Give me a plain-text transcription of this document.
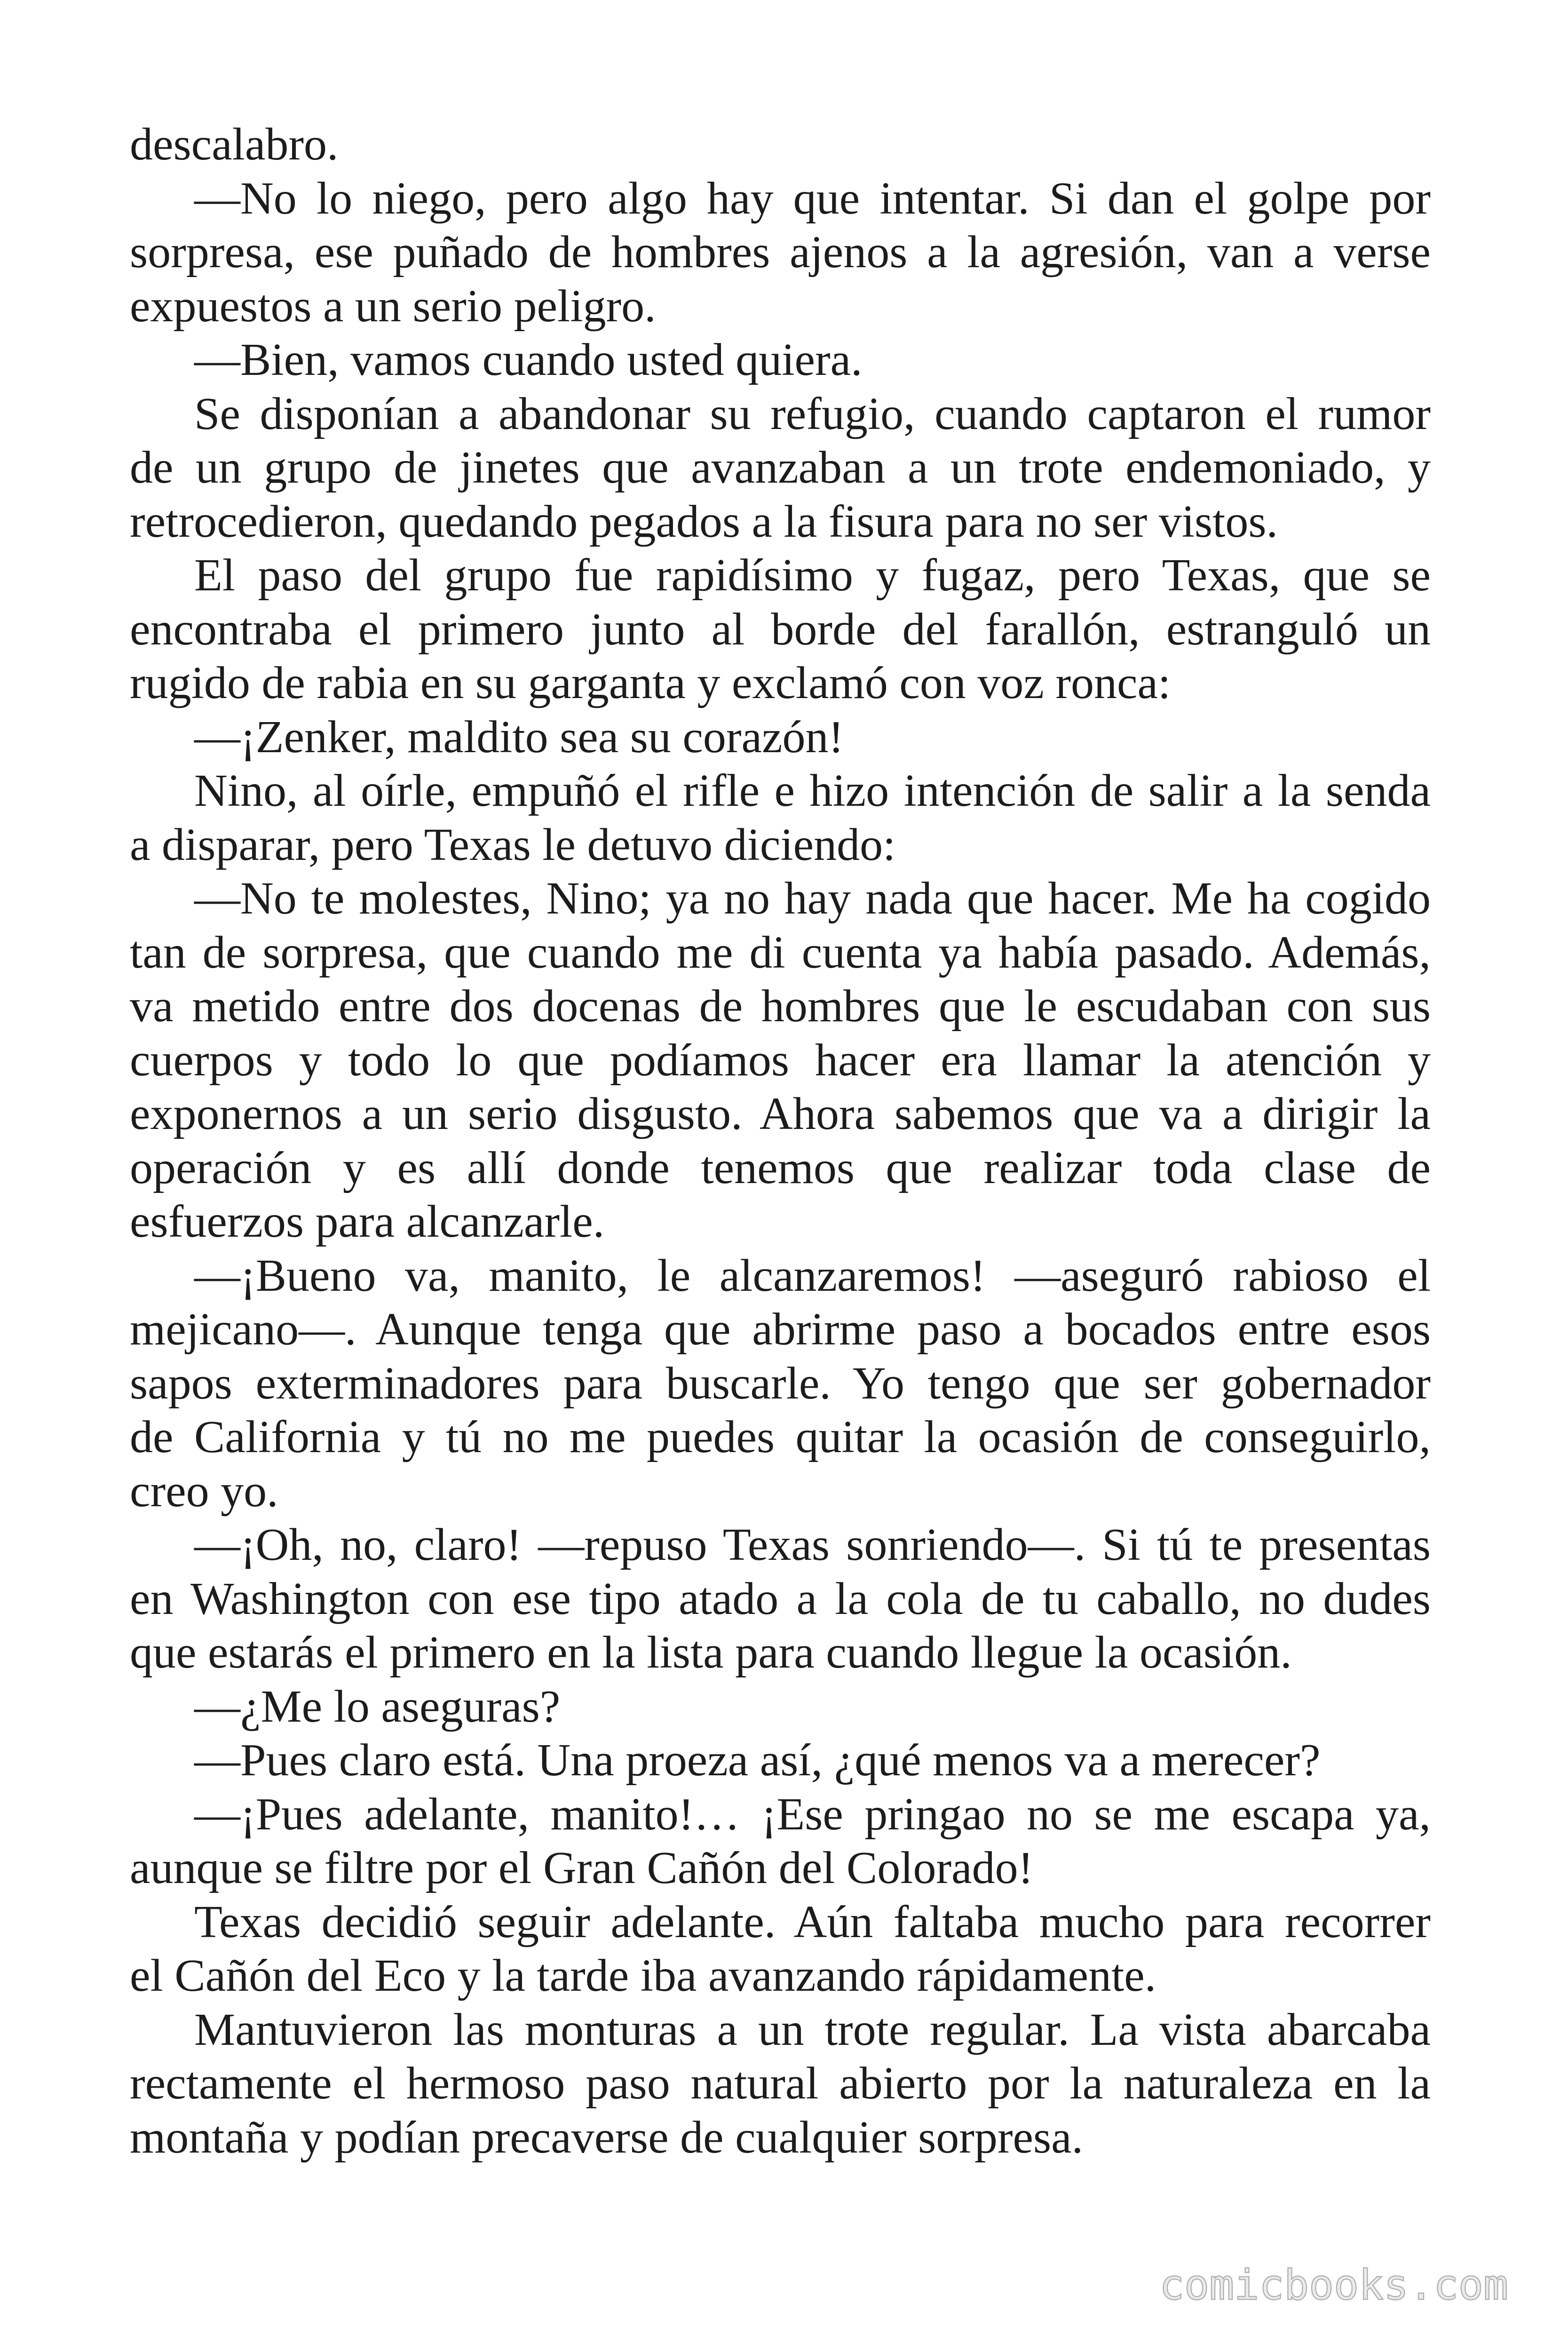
descalabro.
—No lo niego, pero algo hay que intentar. Si dan el golpe por
sorpresa, ese puñado de hombres ajenos a la agresión, van a verse
expuestos a un serio peligro.
—Bien, vamos cuando usted quiera.
Se disponían a abandonar su refugio, cuando captaron el rumor
de un grupo de jinetes que avanzaban a un trote endemoniado, y
retrocedieron, quedando pegados a la fisura para no ser vistos.
El paso del grupo fue rapidísimo y fugaz, pero Texas, que se
encontraba el primero junto al borde del farallón, estranguló un
rugido de rabia en su garganta y exclamó con voz ronca:
—¡Zenker, maldito sea su corazón!
Nino, al oírle, empuñó el rifle e hizo intención de salir a la senda
a disparar, pero Texas le detuvo diciendo:
—No te molestes, Nino; ya no hay nada que hacer. Me ha cogido
tan de sorpresa, que cuando me di cuenta ya había pasado. Además,
va metido entre dos docenas de hombres que le escudaban con sus
cuerpos y todo lo que podíamos hacer era llamar la atención y
exponernos a un serio disgusto. Ahora sabemos que va a dirigir la
operación y es allí donde tenemos que realizar toda clase de
esfuerzos para alcanzarle.
—¡Bueno va, manito, le alcanzaremos! —aseguró rabioso el
mejicano—. Aunque tenga que abrirme paso a bocados entre esos
sapos exterminadores para buscarle. Yo tengo que ser gobernador
de California y tú no me puedes quitar la ocasión de conseguirlo,
creo yo.
—¡Oh, no, claro! —repuso Texas sonriendo—. Si tú te presentas
en Washington con ese tipo atado a la cola de tu caballo, no dudes
que estarás el primero en la lista para cuando llegue la ocasión.
—¿Me lo aseguras?
—Pues claro está. Una proeza así, ¿qué menos va a merecer?
—¡Pues adelante, manito!… ¡Ese pringao no se me escapa ya,
aunque se filtre por el Gran Cañón del Colorado!
Texas decidió seguir adelante. Aún faltaba mucho para recorrer
el Cañón del Eco y la tarde iba avanzando rápidamente.
Mantuvieron las monturas a un trote regular. La vista abarcaba
rectamente el hermoso paso natural abierto por la naturaleza en la
montaña y podían precaverse de cualquier sorpresa.
comicbooks.com
